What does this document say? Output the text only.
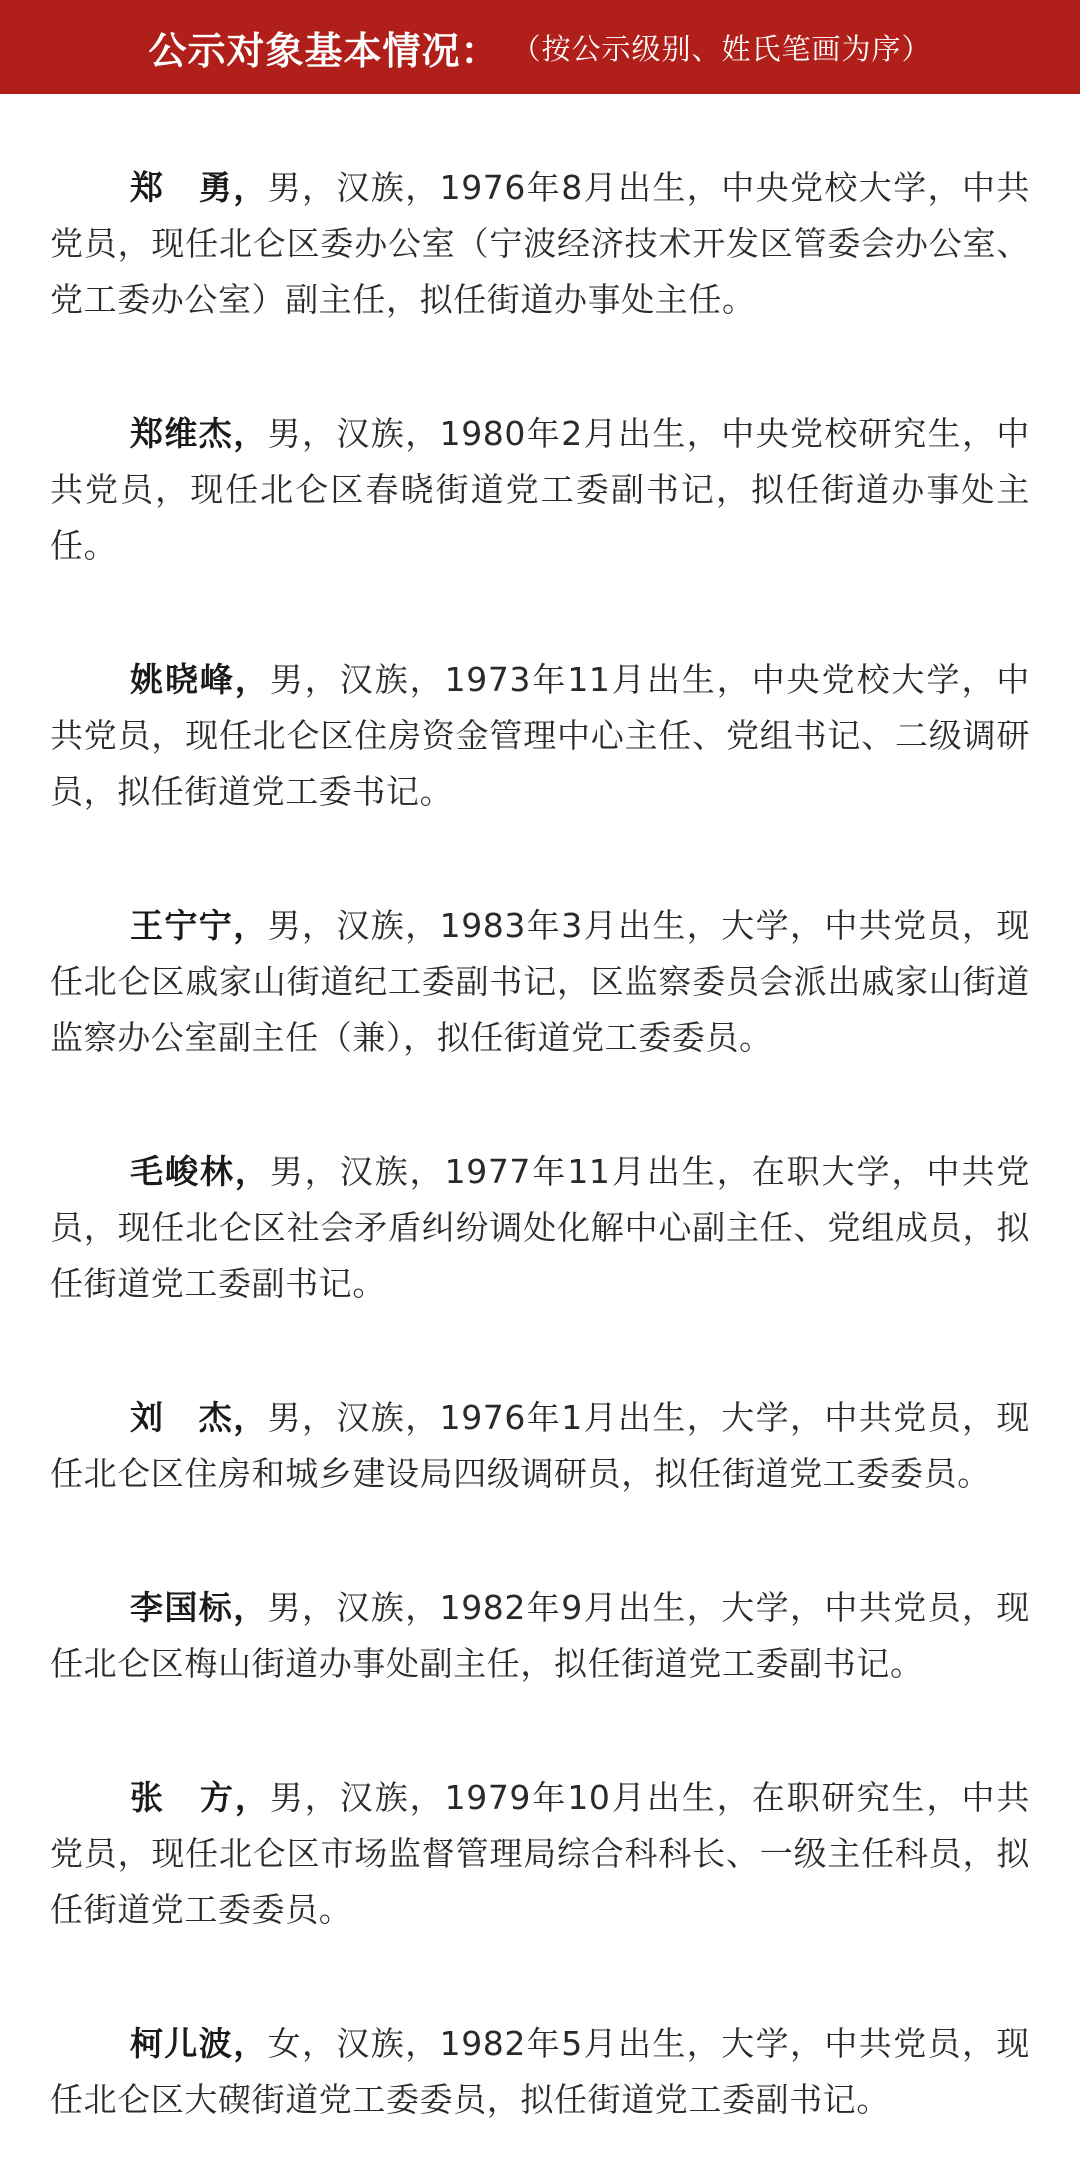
公示对象基本情况： （按公示级别、姓氏笔画为序）

郑　勇，男，汉族，1976年8月出生，中央党校大学，中共党员，现任北仑区委办公室（宁波经济技术开发区管委会办公室、党工委办公室）副主任，拟任街道办事处主任。

郑维杰，男，汉族，1980年2月出生，中央党校研究生，中共党员，现任北仑区春晓街道党工委副书记，拟任街道办事处主任。

姚晓峰，男，汉族，1973年11月出生，中央党校大学，中共党员，现任北仑区住房资金管理中心主任、党组书记、二级调研员，拟任街道党工委书记。

王宁宁，男，汉族，1983年3月出生，大学，中共党员，现任北仑区戚家山街道纪工委副书记，区监察委员会派出戚家山街道监察办公室副主任（兼），拟任街道党工委委员。

毛峻林，男，汉族，1977年11月出生，在职大学，中共党员，现任北仑区社会矛盾纠纷调处化解中心副主任、党组成员，拟任街道党工委副书记。

刘　杰，男，汉族，1976年1月出生，大学，中共党员，现任北仑区住房和城乡建设局四级调研员，拟任街道党工委委员。

李国标，男，汉族，1982年9月出生，大学，中共党员，现任北仑区梅山街道办事处副主任，拟任街道党工委副书记。

张　方，男，汉族，1979年10月出生，在职研究生，中共党员，现任北仑区市场监督管理局综合科科长、一级主任科员，拟任街道党工委委员。

柯儿波，女，汉族，1982年5月出生，大学，中共党员，现任北仑区大碶街道党工委委员，拟任街道党工委副书记。
